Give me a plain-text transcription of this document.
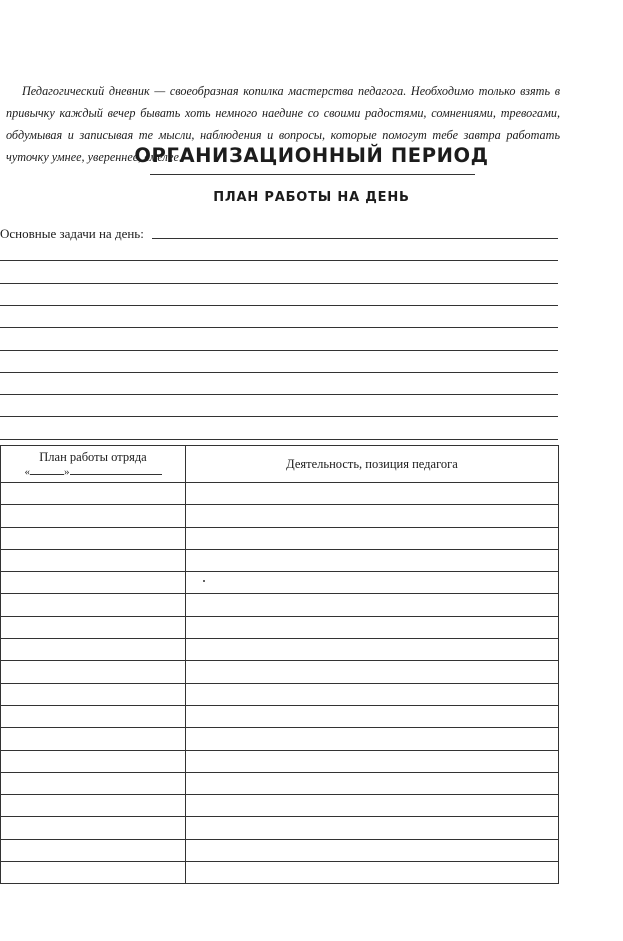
Педагогический дневник — своеобразная копилка мастерства педагога. Необходимо только взять в привычку каждый вечер бывать хоть немного наедине со своими радостями, сомнениями, тревогами, обдумывая и записывая те мысли, наблюдения и вопросы, которые помогут тебе завтра работать чуточку умнее, увереннее, смелее.

ОРГАНИЗАЦИОННЫЙ ПЕРИОД
ПЛАН РАБОТЫ НА ДЕНЬ
Основные задачи на день:
План работы отряда
« »	Деятельность, позиция педагога
